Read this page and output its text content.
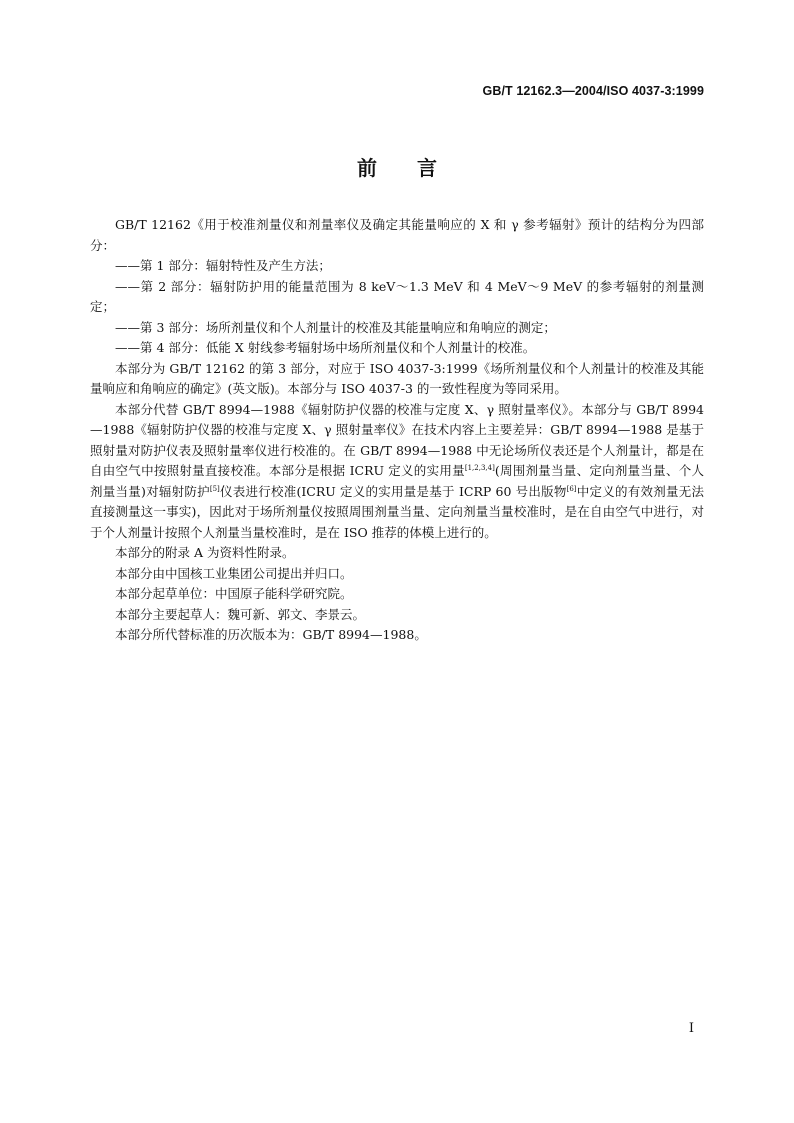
GB/T 12162.3—2004/ISO 4037-3:1999
前言

GB/T 12162《用于校准剂量仪和剂量率仪及确定其能量响应的 X 和 γ 参考辐射》预计的结构分为四部分：

——第 1 部分：辐射特性及产生方法；

——第 2 部分：辐射防护用的能量范围为 8 keV～1.3 MeV 和 4 MeV～9 MeV 的参考辐射的剂量测定；

——第 3 部分：场所剂量仪和个人剂量计的校准及其能量响应和角响应的测定；

——第 4 部分：低能 X 射线参考辐射场中场所剂量仪和个人剂量计的校准。

本部分为 GB/T 12162 的第 3 部分，对应于 ISO 4037-3:1999《场所剂量仪和个人剂量计的校准及其能量响应和角响应的确定》(英文版)。本部分与 ISO 4037-3 的一致性程度为等同采用。

本部分代替 GB/T 8994—1988《辐射防护仪器的校准与定度 X、γ 照射量率仪》。本部分与 GB/T 8994—1988《辐射防护仪器的校准与定度 X、γ 照射量率仪》在技术内容上主要差异：GB/T 8994—1988 是基于照射量对防护仪表及照射量率仪进行校准的。在 GB/T 8994—1988 中无论场所仪表还是个人剂量计，都是在自由空气中按照射量直接校准。本部分是根据 ICRU 定义的实用量[1,2,3,4](周围剂量当量、定向剂量当量、个人剂量当量)对辐射防护[5]仪表进行校准(ICRU 定义的实用量是基于 ICRP 60 号出版物[6]中定义的有效剂量无法直接测量这一事实)，因此对于场所剂量仪按照周围剂量当量、定向剂量当量校准时，是在自由空气中进行，对于个人剂量计按照个人剂量当量校准时，是在 ISO 推荐的体模上进行的。

本部分的附录 A 为资料性附录。

本部分由中国核工业集团公司提出并归口。

本部分起草单位：中国原子能科学研究院。

本部分主要起草人：魏可新、郭文、李景云。

本部分所代替标准的历次版本为：GB/T 8994—1988。

I
